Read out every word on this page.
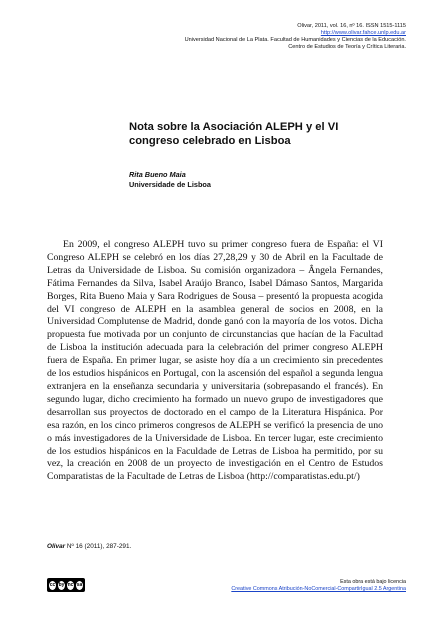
Olivar, 2011, vol. 16, nº 16. ISSN 1515-1115
http://www.olivar.fahce.unlp.edu.ar
Universidad Nacional de La Plata. Facultad de Humanidades y Ciencias de la Educación.
Centro de Estudios de Teoría y Crítica Literaria.
Nota sobre la Asociación ALEPH y el VI congreso celebrado en Lisboa
Rita Bueno Maia
Universidade de Lisboa

En 2009, el congreso ALEPH tuvo su primer congreso fuera de España: el VI Congreso ALEPH se celebró en los días 27,28,29 y 30 de Abril en la Facultade de Letras da Universidade de Lisboa. Su comisión organizadora – Ângela Fernandes, Fátima Fernandes da Silva, Isabel Araújo Branco, Isabel Dámaso Santos, Margarida Borges, Rita Bueno Maia y Sara Rodrigues de Sousa – presentó la propuesta acogida del VI congreso de ALEPH en la asamblea general de socios en 2008, en la Universidad Complutense de Madrid, donde ganó con la mayoría de los votos. Dicha propuesta fue motivada por un conjunto de circunstancias que hacían de la Facultad de Lisboa la institución adecuada para la celebración del primer congreso ALEPH fuera de España. En primer lugar, se asiste hoy día a un crecimiento sin precedentes de los estudios hispánicos en Portugal, con la ascensión del español a segunda lengua extranjera en la enseñanza secundaria y universitaria (sobrepasando el francés). En segundo lugar, dicho crecimiento ha formado un nuevo grupo de investigadores que desarrollan sus proyectos de doctorado en el campo de la Literatura Hispánica. Por esa razón, en los cinco primeros congresos de ALEPH se verificó la presencia de uno o más investigadores de la Universidade de Lisboa. En tercer lugar, este crecimiento de los estudios hispánicos en la Faculdade de Letras de Lisboa ha permitido, por su vez, la creación en 2008 de un proyecto de investigación en el Centro de Estudos Comparatistas de la Facultade de Letras de Lisboa (http://comparatistas.edu.pt/)

Olivar Nº 16 (2011), 287-291.
cc by nc sa	Esta obra está bajo licencia
Creative Commons Atribución-NoComercial-CompartirIgual 2.5 Argentina
